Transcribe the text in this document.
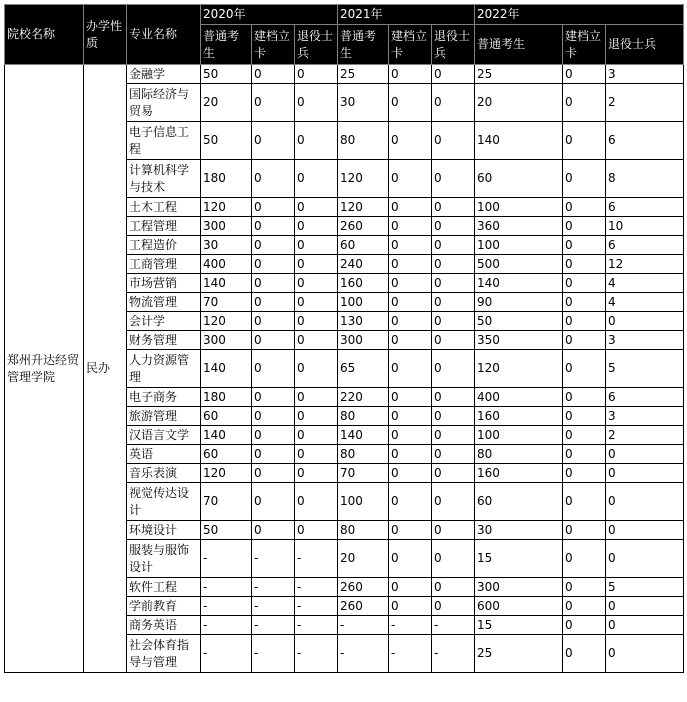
院校名称	办学性质	专业名称	2020年			2021年			2022年		
			普通考生	建档立卡	退役士兵	普通考生	建档立卡	退役士兵	普通考生	建档立卡	退役士兵
郑州升达经贸管理学院	民办	金融学	50	0	0	25	0	0	25	0	3
		国际经济与贸易	20	0	0	30	0	0	20	0	2
		电子信息工程	50	0	0	80	0	0	140	0	6
		计算机科学与技术	180	0	0	120	0	0	60	0	8
		土木工程	120	0	0	120	0	0	100	0	6
		工程管理	300	0	0	260	0	0	360	0	10
		工程造价	30	0	0	60	0	0	100	0	6
		工商管理	400	0	0	240	0	0	500	0	12
		市场营销	140	0	0	160	0	0	140	0	4
		物流管理	70	0	0	100	0	0	90	0	4
		会计学	120	0	0	130	0	0	50	0	0
		财务管理	300	0	0	300	0	0	350	0	3
		人力资源管理	140	0	0	65	0	0	120	0	5
		电子商务	180	0	0	220	0	0	400	0	6
		旅游管理	60	0	0	80	0	0	160	0	3
		汉语言文学	140	0	0	140	0	0	100	0	2
		英语	60	0	0	80	0	0	80	0	0
		音乐表演	120	0	0	70	0	0	160	0	0
		视觉传达设计	70	0	0	100	0	0	60	0	0
		环境设计	50	0	0	80	0	0	30	0	0
		服装与服饰设计	-	-	-	20	0	0	15	0	0
		软件工程	-	-	-	260	0	0	300	0	5
		学前教育	-	-	-	260	0	0	600	0	0
		商务英语	-	-	-	-	-	-	15	0	0
		社会体育指导与管理	-	-	-	-	-	-	25	0	0
